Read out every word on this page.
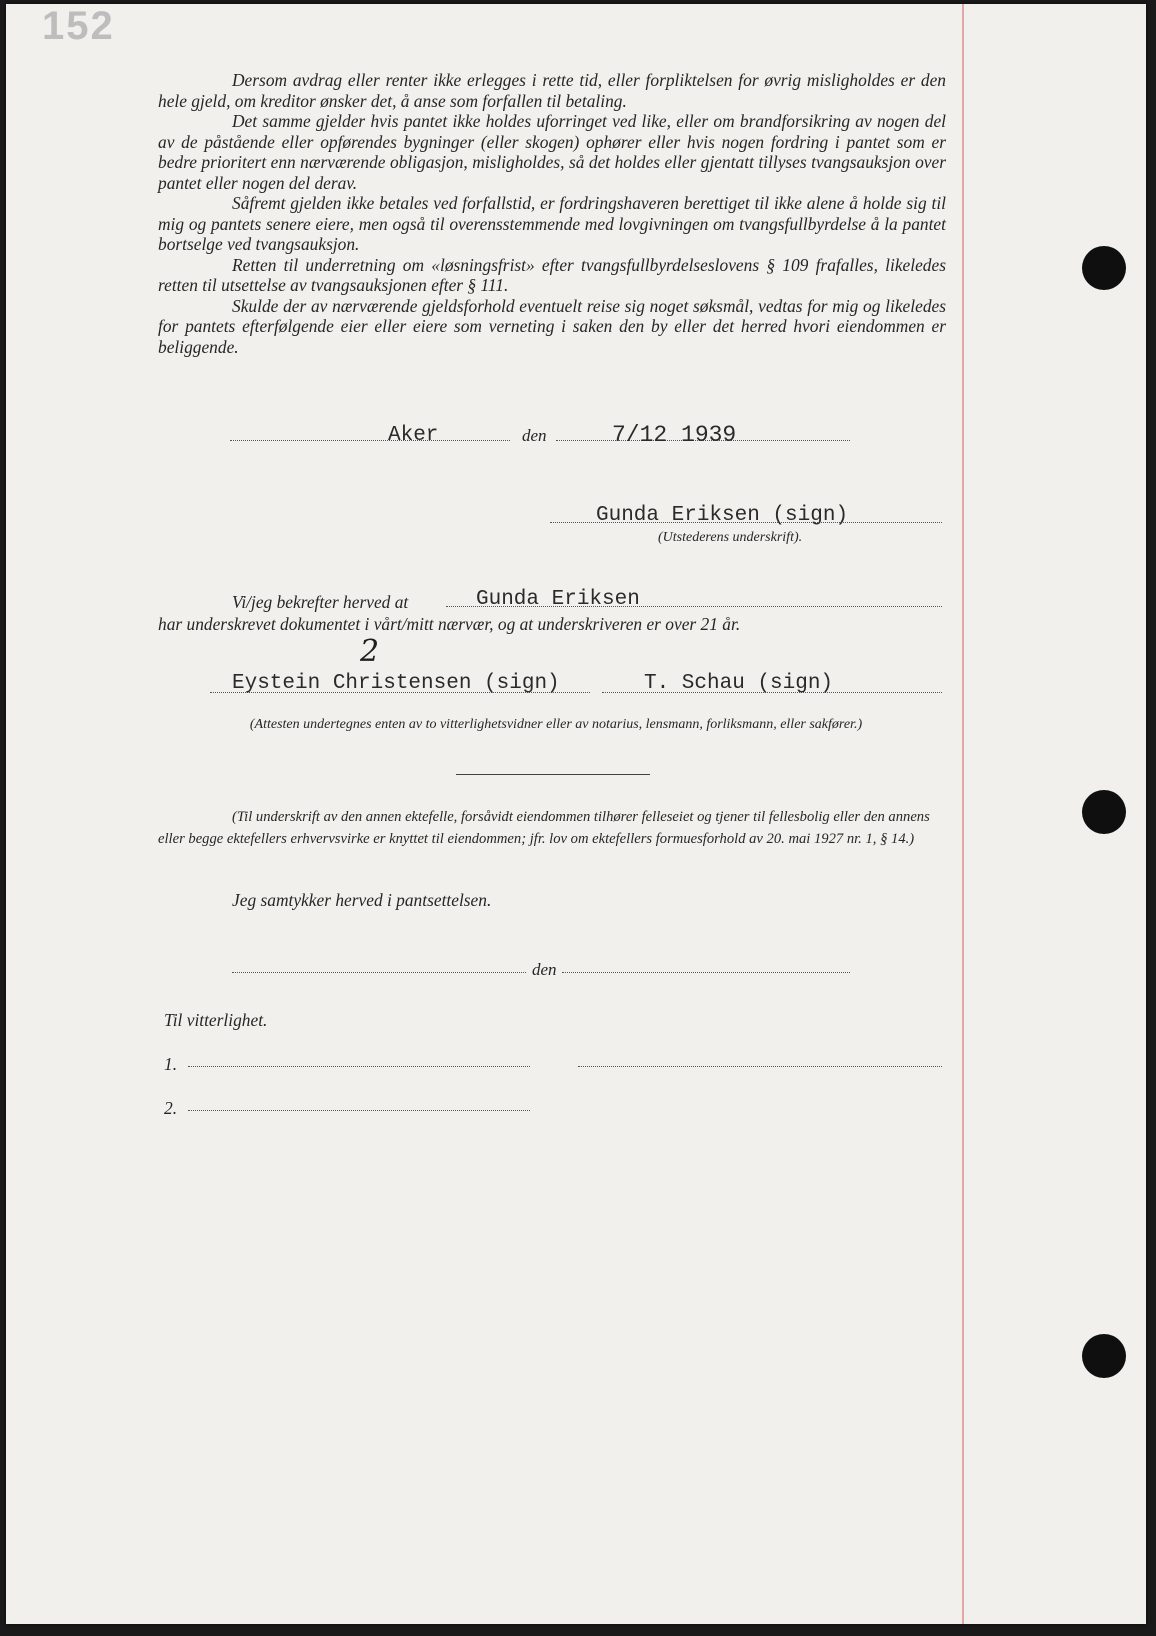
152

Dersom avdrag eller renter ikke erlegges i rette tid, eller forpliktelsen for øvrig misligholdes er den hele gjeld, om kreditor ønsker det, å anse som forfallen til betaling.

Det samme gjelder hvis pantet ikke holdes uforringet ved like, eller om brandforsikring av nogen del av de påstående eller opførendes bygninger (eller skogen) ophører eller hvis nogen fordring i pantet som er bedre prioritert enn nærværende obligasjon, misligholdes, så det holdes eller gjentatt tillyses tvangsauksjon over pantet eller nogen del derav.

Såfremt gjelden ikke betales ved forfallstid, er fordringshaveren berettiget til ikke alene å holde sig til mig og pantets senere eiere, men også til overensstemmende med lovgivningen om tvangsfullbyrdelse å la pantet bortselge ved tvangsauksjon.

Retten til underretning om «løsningsfrist» efter tvangsfullbyrdelseslovens § 109 frafalles, likeledes retten til utsettelse av tvangsauksjonen efter § 111.

Skulde der av nærværende gjeldsforhold eventuelt reise sig noget søksmål, vedtas for mig og likeledes for pantets efterfølgende eier eller eiere som verneting i saken den by eller det herred hvori eiendommen er beliggende.

Aker	den	7/12 1939
Gunda Eriksen (sign)
(Utstederens underskrift).
Vi/jeg bekrefter herved at	Gunda Eriksen
har underskrevet dokumentet i vårt/mitt nærvær, og at underskriveren er over 21 år.
2
Eystein Christensen (sign)	T. Schau (sign)
(Attesten undertegnes enten av to vitterlighetsvidner eller av notarius, lensmann, forliksmann, eller sakfører.)
(Til underskrift av den annen ektefelle, forsåvidt eiendommen tilhører felleseiet og tjener til fellesbolig eller den annens eller begge ektefellers erhvervsvirke er knyttet til eiendommen; jfr. lov om ektefellers formuesforhold av 20. mai 1927 nr. 1, § 14.)
Jeg samtykker herved i pantsettelsen.
den
Til vitterlighet.
1.
2.
